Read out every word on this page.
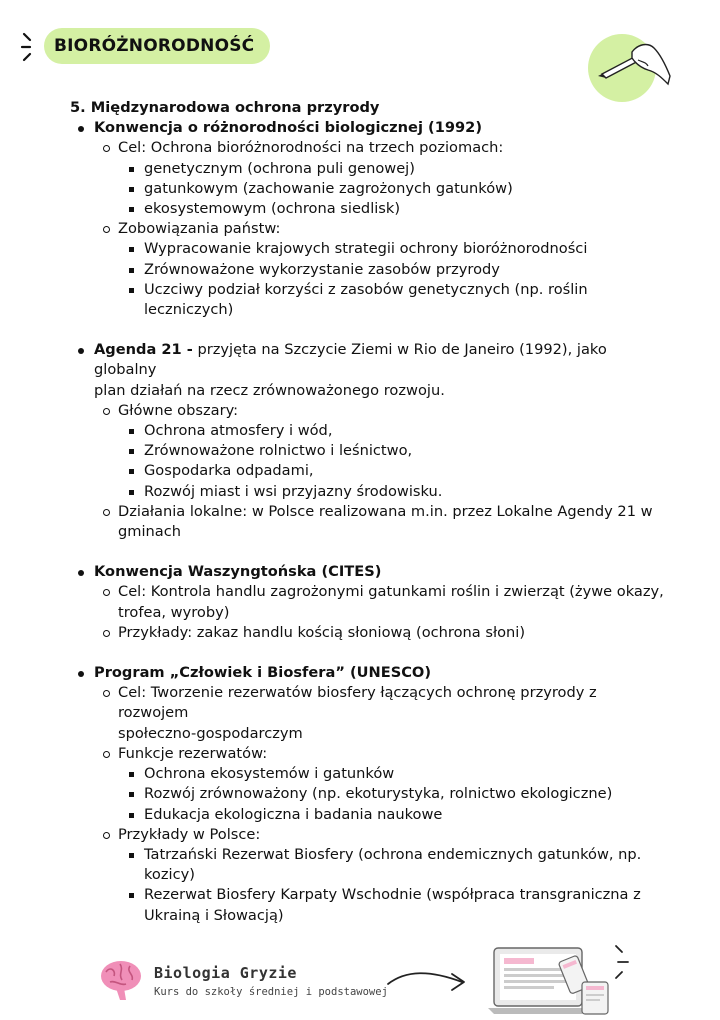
BIORÓŻNORODNOŚĆ
5. Międzynarodowa ochrona przyrody
Konwencja o różnorodności biologicznej (1992)
Cel: Ochrona bioróżnorodności na trzech poziomach:
genetycznym (ochrona puli genowej)
gatunkowym (zachowanie zagrożonych gatunków)
ekosystemowym (ochrona siedlisk)
Zobowiązania państw:
Wypracowanie krajowych strategii ochrony bioróżnorodności
Zrównoważone wykorzystanie zasobów przyrody
Uczciwy podział korzyści z zasobów genetycznych (np. roślin leczniczych)
Agenda 21 - przyjęta na Szczycie Ziemi w Rio de Janeiro (1992), jako globalny
plan działań na rzecz zrównoważonego rozwoju.
Główne obszary:
Ochrona atmosfery i wód,
Zrównoważone rolnictwo i leśnictwo,
Gospodarka odpadami,
Rozwój miast i wsi przyjazny środowisku.
Działania lokalne: w Polsce realizowana m.in. przez Lokalne Agendy 21 w
gminach
Konwencja Waszyngtońska (CITES)
Cel: Kontrola handlu zagrożonymi gatunkami roślin i zwierząt (żywe okazy,
trofea, wyroby)
Przykłady: zakaz handlu kością słoniową (ochrona słoni)
Program „Człowiek i Biosfera” (UNESCO)
Cel: Tworzenie rezerwatów biosfery łączących ochronę przyrody z rozwojem
społeczno-gospodarczym
Funkcje rezerwatów:
Ochrona ekosystemów i gatunków
Rozwój zrównoważony (np. ekoturystyka, rolnictwo ekologiczne)
Edukacja ekologiczna i badania naukowe
Przykłady w Polsce:
Tatrzański Rezerwat Biosfery (ochrona endemicznych gatunków, np.
kozicy)
Rezerwat Biosfery Karpaty Wschodnie (współpraca transgraniczna z
Ukrainą i Słowacją)
Biologia Gryzie
Kurs do szkoły średniej i podstawowej
